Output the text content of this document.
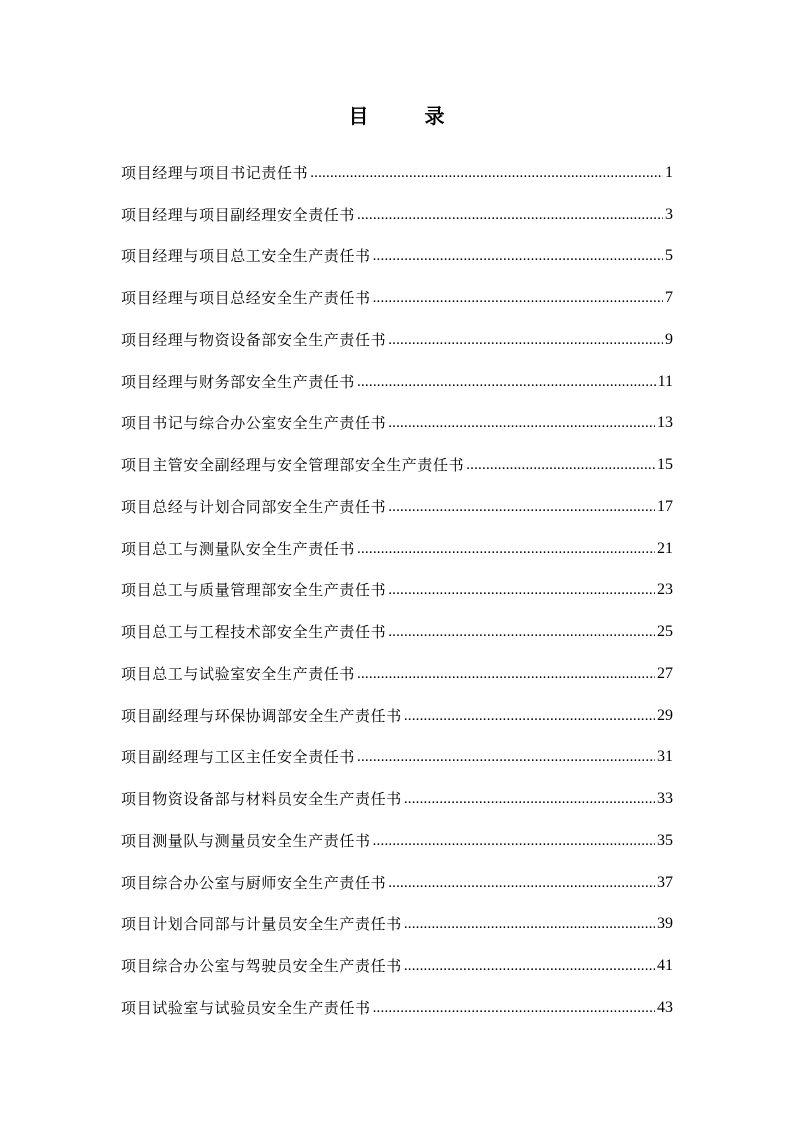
目　录
项目经理与项目书记责任书 .....	1
项目经理与项目副经理安全责任书 .....	3
项目经理与项目总工安全生产责任书 .....	5
项目经理与项目总经安全生产责任书 .....	7
项目经理与物资设备部安全生产责任书 .....	9
项目经理与财务部安全生产责任书 .....	11
项目书记与综合办公室安全生产责任书 .....	13
项目主管安全副经理与安全管理部安全生产责任书 .....	15
项目总经与计划合同部安全生产责任书 .....	17
项目总工与测量队安全生产责任书 .....	21
项目总工与质量管理部安全生产责任书 .....	23
项目总工与工程技术部安全生产责任书 .....	25
项目总工与试验室安全生产责任书 .....	27
项目副经理与环保协调部安全生产责任书 .....	29
项目副经理与工区主任安全责任书 .....	31
项目物资设备部与材料员安全生产责任书 .....	33
项目测量队与测量员安全生产责任书 .....	35
项目综合办公室与厨师安全生产责任书 .....	37
项目计划合同部与计量员安全生产责任书 .....	39
项目综合办公室与驾驶员安全生产责任书 .....	41
项目试验室与试验员安全生产责任书 .....	43
